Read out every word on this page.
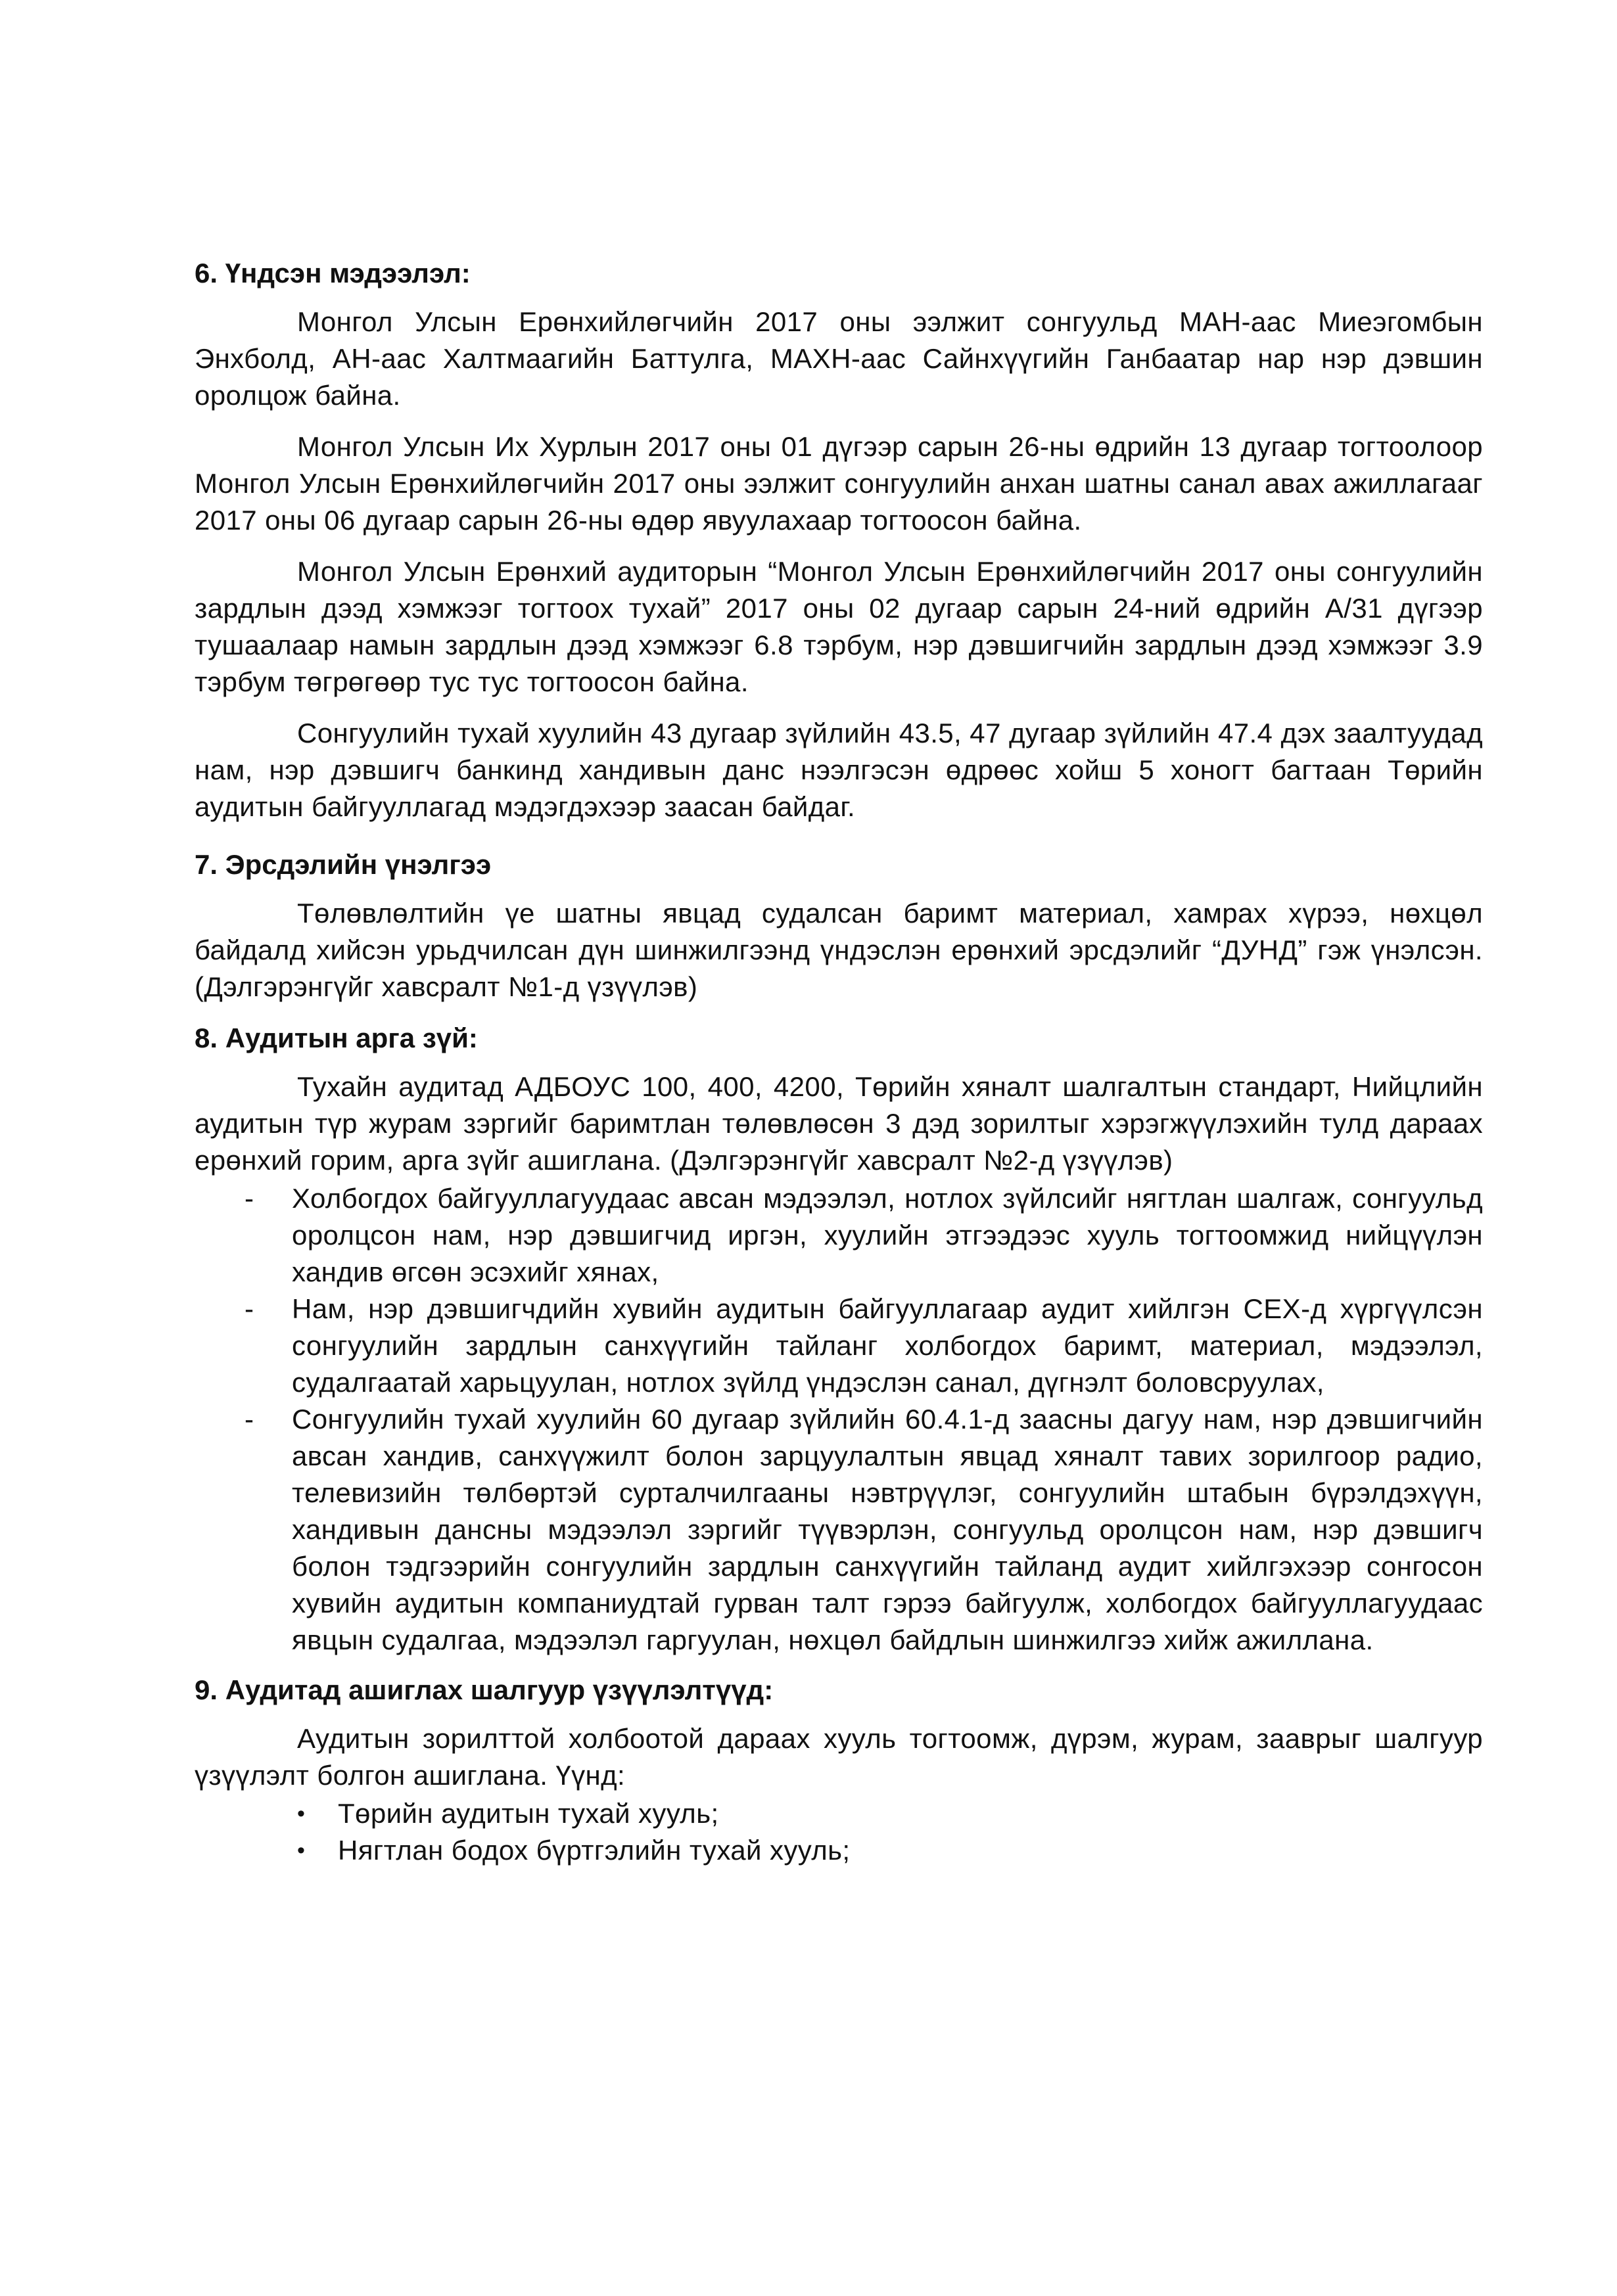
6. Үндсэн мэдээлэл:

Монгол Улсын Ерөнхийлөгчийн 2017 оны ээлжит сонгуульд МАН-аас Миеэгомбын Энхболд, АН-аас Халтмаагийн Баттулга, МАХН-аас Сайнхүүгийн Ганбаатар нар нэр дэвшин оролцож байна.

Монгол Улсын Их Хурлын 2017 оны 01 дүгээр сарын 26-ны өдрийн 13 дугаар тогтоолоор Монгол Улсын Ерөнхийлөгчийн 2017 оны ээлжит сонгуулийн анхан шатны санал авах ажиллагааг 2017 оны 06 дугаар сарын 26-ны өдөр явуулахаар тогтоосон байна.

Монгол Улсын Ерөнхий аудиторын “Монгол Улсын Ерөнхийлөгчийн 2017 оны сонгуулийн зардлын дээд хэмжээг тогтоох тухай” 2017 оны 02 дугаар сарын 24-ний өдрийн А/31 дүгээр тушаалаар намын зардлын дээд хэмжээг 6.8 тэрбум, нэр дэвшигчийн зардлын дээд хэмжээг 3.9 тэрбум төгрөгөөр тус тус тогтоосон байна.

Сонгуулийн тухай хуулийн 43 дугаар зүйлийн 43.5, 47 дугаар зүйлийн 47.4 дэх заалтуудад нам, нэр дэвшигч банкинд хандивын данс нээлгэсэн өдрөөс хойш 5 хоногт багтаан Төрийн аудитын байгууллагад мэдэгдэхээр заасан байдаг.

7. Эрсдэлийн үнэлгээ

Төлөвлөлтийн үе шатны явцад судалсан баримт материал, хамрах хүрээ, нөхцөл байдалд хийсэн урьдчилсан дүн шинжилгээнд үндэслэн ерөнхий эрсдэлийг “ДУНД” гэж үнэлсэн. (Дэлгэрэнгүйг хавсралт №1-д үзүүлэв)

8. Аудитын арга зүй:

Тухайн аудитад АДБОУС 100, 400, 4200, Төрийн хяналт шалгалтын стандарт, Нийцлийн аудитын түр журам зэргийг баримтлан төлөвлөсөн 3 дэд зорилтыг хэрэгжүүлэхийн тулд дараах ерөнхий горим, арга зүйг ашиглана. (Дэлгэрэнгүйг хавсралт №2-д үзүүлэв)

- Холбогдох байгууллагуудаас авсан мэдээлэл, нотлох зүйлсийг нягтлан шалгаж, сонгуульд оролцсон нам, нэр дэвшигчид иргэн, хуулийн этгээдээс хууль тогтоомжид нийцүүлэн хандив өгсөн эсэхийг хянах,
- Нам, нэр дэвшигчдийн хувийн аудитын байгууллагаар аудит хийлгэн СЕХ-д хүргүүлсэн сонгуулийн зардлын санхүүгийн тайланг холбогдох баримт, материал, мэдээлэл, судалгаатай харьцуулан, нотлох зүйлд үндэслэн санал, дүгнэлт боловсруулах,
- Сонгуулийн тухай хуулийн 60 дугаар зүйлийн 60.4.1-д заасны дагуу нам, нэр дэвшигчийн авсан хандив, санхүүжилт болон зарцуулалтын явцад хяналт тавих зорилгоор радио, телевизийн төлбөртэй сурталчилгааны нэвтрүүлэг, сонгуулийн штабын бүрэлдэхүүн, хандивын дансны мэдээлэл зэргийг түүвэрлэн, сонгуульд оролцсон нам, нэр дэвшигч болон тэдгээрийн сонгуулийн зардлын санхүүгийн тайланд аудит хийлгэхээр сонгосон хувийн аудитын компаниудтай гурван талт гэрээ байгуулж, холбогдох байгууллагуудаас явцын судалгаа, мэдээлэл гаргуулан, нөхцөл байдлын шинжилгээ хийж ажиллана.
9. Аудитад ашиглах шалгуур үзүүлэлтүүд:

Аудитын зорилттой холбоотой дараах хууль тогтоомж, дүрэм, журам, зааврыг шалгуур үзүүлэлт болгон ашиглана. Үүнд:

• Төрийн аудитын тухай хууль;
• Нягтлан бодох бүртгэлийн тухай хууль;
